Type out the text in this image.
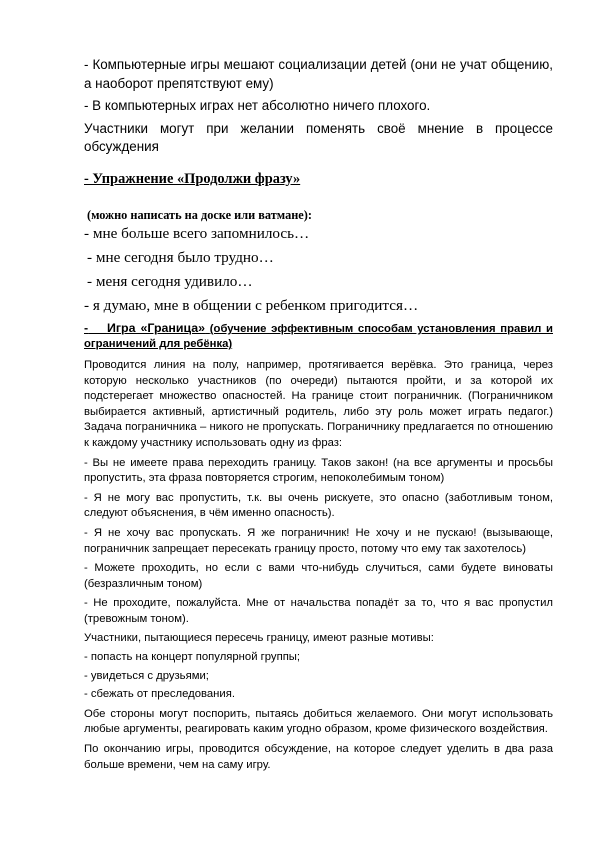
- Компьютерные игры мешают социализации детей (они не учат общению, а наоборот препятствуют ему)

- В компьютерных играх нет абсолютно ничего плохого.

Участники могут при желании поменять своё мнение в процессе обсуждения

- Упражнение «Продолжи фразу»

(можно написать на доске или ватмане):

- мне больше всего запомнилось…

- мне сегодня было трудно…

- меня сегодня удивило…

- я думаю, мне в общении с ребенком пригодится…

- Игра «Граница» (обучение эффективным способам установления правил и ограничений для ребёнка)

Проводится линия на полу, например, протягивается верёвка. Это граница, через которую несколько участников (по очереди) пытаются пройти, и за которой их подстерегает множество опасностей. На границе стоит пограничник. (Пограничником выбирается активный, артистичный родитель, либо эту роль может играть педагог.) Задача пограничника – никого не пропускать. Пограничнику предлагается по отношению к каждому участнику использовать одну из фраз:

- Вы не имеете права переходить границу. Таков закон! (на все аргументы и просьбы пропустить, эта фраза повторяется строгим, непоколебимым тоном)

- Я не могу вас пропустить, т.к. вы очень рискуете, это опасно (заботливым тоном, следуют объяснения, в чём именно опасность).

- Я не хочу вас пропускать. Я же пограничник! Не хочу и не пускаю! (вызывающе, пограничник запрещает пересекать границу просто, потому что ему так захотелось)

- Можете проходить, но если с вами что-нибудь случиться, сами будете виноваты (безразличным тоном)

- Не проходите, пожалуйста. Мне от начальства попадёт за то, что я вас пропустил (тревожным тоном).

Участники, пытающиеся пересечь границу, имеют разные мотивы:

- попасть на концерт популярной группы;

- увидеться с друзьями;

- сбежать от преследования.

Обе стороны могут поспорить, пытаясь добиться желаемого. Они могут использовать любые аргументы, реагировать каким угодно образом, кроме физического воздействия.

По окончанию игры, проводится обсуждение, на которое следует уделить в два раза больше времени, чем на саму игру.
